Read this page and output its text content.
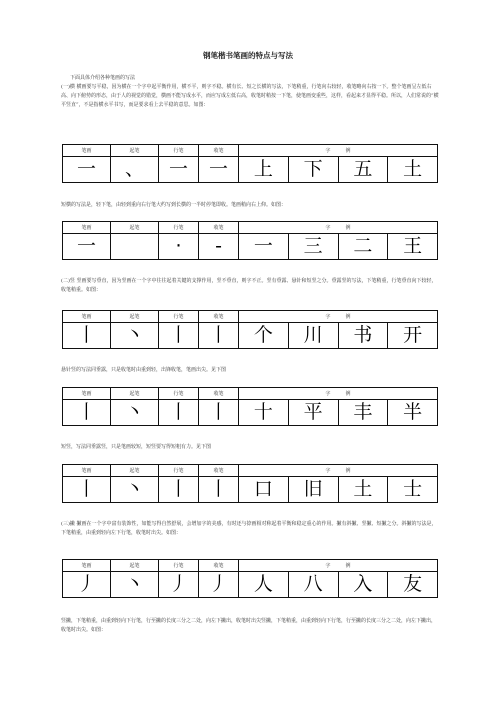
钢笔楷书笔画的特点与写法

下面具体介绍各种笔画的写法

(一)横 横画要写平稳，因为横在一个字中起平衡作用，横不平，则字不稳。横有长、短之长横的写法，下笔稍重，行笔向右较轻，收笔略向右按一下。整个笔画呈左低右高、向下俯势的形态，由于人的视觉的错觉，横画不能写成水平，而应写成左低右高，收笔时稍按一下笔，使笔画变重些，这样，看起来才显得平稳。所以，人们常说的“横平竖直”，不是指横水平书写，而是要求看上去平稳的意思。如图：

笔画	起笔	行笔	收笔	字　　　例			
一	、	一	一	上	下	五	土

短横的写法是，轻下笔，由轻到重向右行笔大约写到长横的一半时停笔即收。笔画稍向右上仰。如图：

笔画	起笔	行笔	收笔	字　　　例			
一		·	-	一	三	二	王

(二)竖 竖画要写垂直，因为竖画在一个字中往往起着关键的支撑作用，竖不垂直，则字不正。竖有垂露、悬针和短竖之分。垂露竖的写法，下笔稍重，行笔垂直向下较轻，收笔稍重。如图：

笔画	起笔	行笔	收笔	字　　　例			
丨	丶	丨	丨	个	川	书	开

悬针竖的写法同垂露，只是收笔时由重到轻，出锋收笔，笔画出尖。见下图

笔画	起笔	行笔	收笔	字　　　例			
丨	丶	丨	丨	十	平	丰	半

短竖，写法同垂露竖，只是笔画较短，短竖要写得短粗有力。见下图

笔画	起笔	行笔	收笔	字　　　例			
丨	丶	丨	丨	口	旧	土	士

(三)撇 撇画在一个字中富有装饰性，如能写得自然舒展，会增加字的美感，有时还与捺画相对称起着平衡和稳定重心的作用。撇有斜撇、竖撇、短撇之分。斜撇的写法是，下笔稍重，由重到轻向左下行笔，收笔时出尖。如图：

笔画	起笔	行笔	收笔	字　　　例			
丿	丶	丿	丿	人	八	入	友

竖撇，下笔稍重，由重到轻向下行笔，行至撇的长度三分之二处，向左下撇出，收笔时出尖竖撇，下笔稍重，由重到轻向下行笔，行至撇的长度三分之二处，向左下撇出，收笔时出尖。如图：
